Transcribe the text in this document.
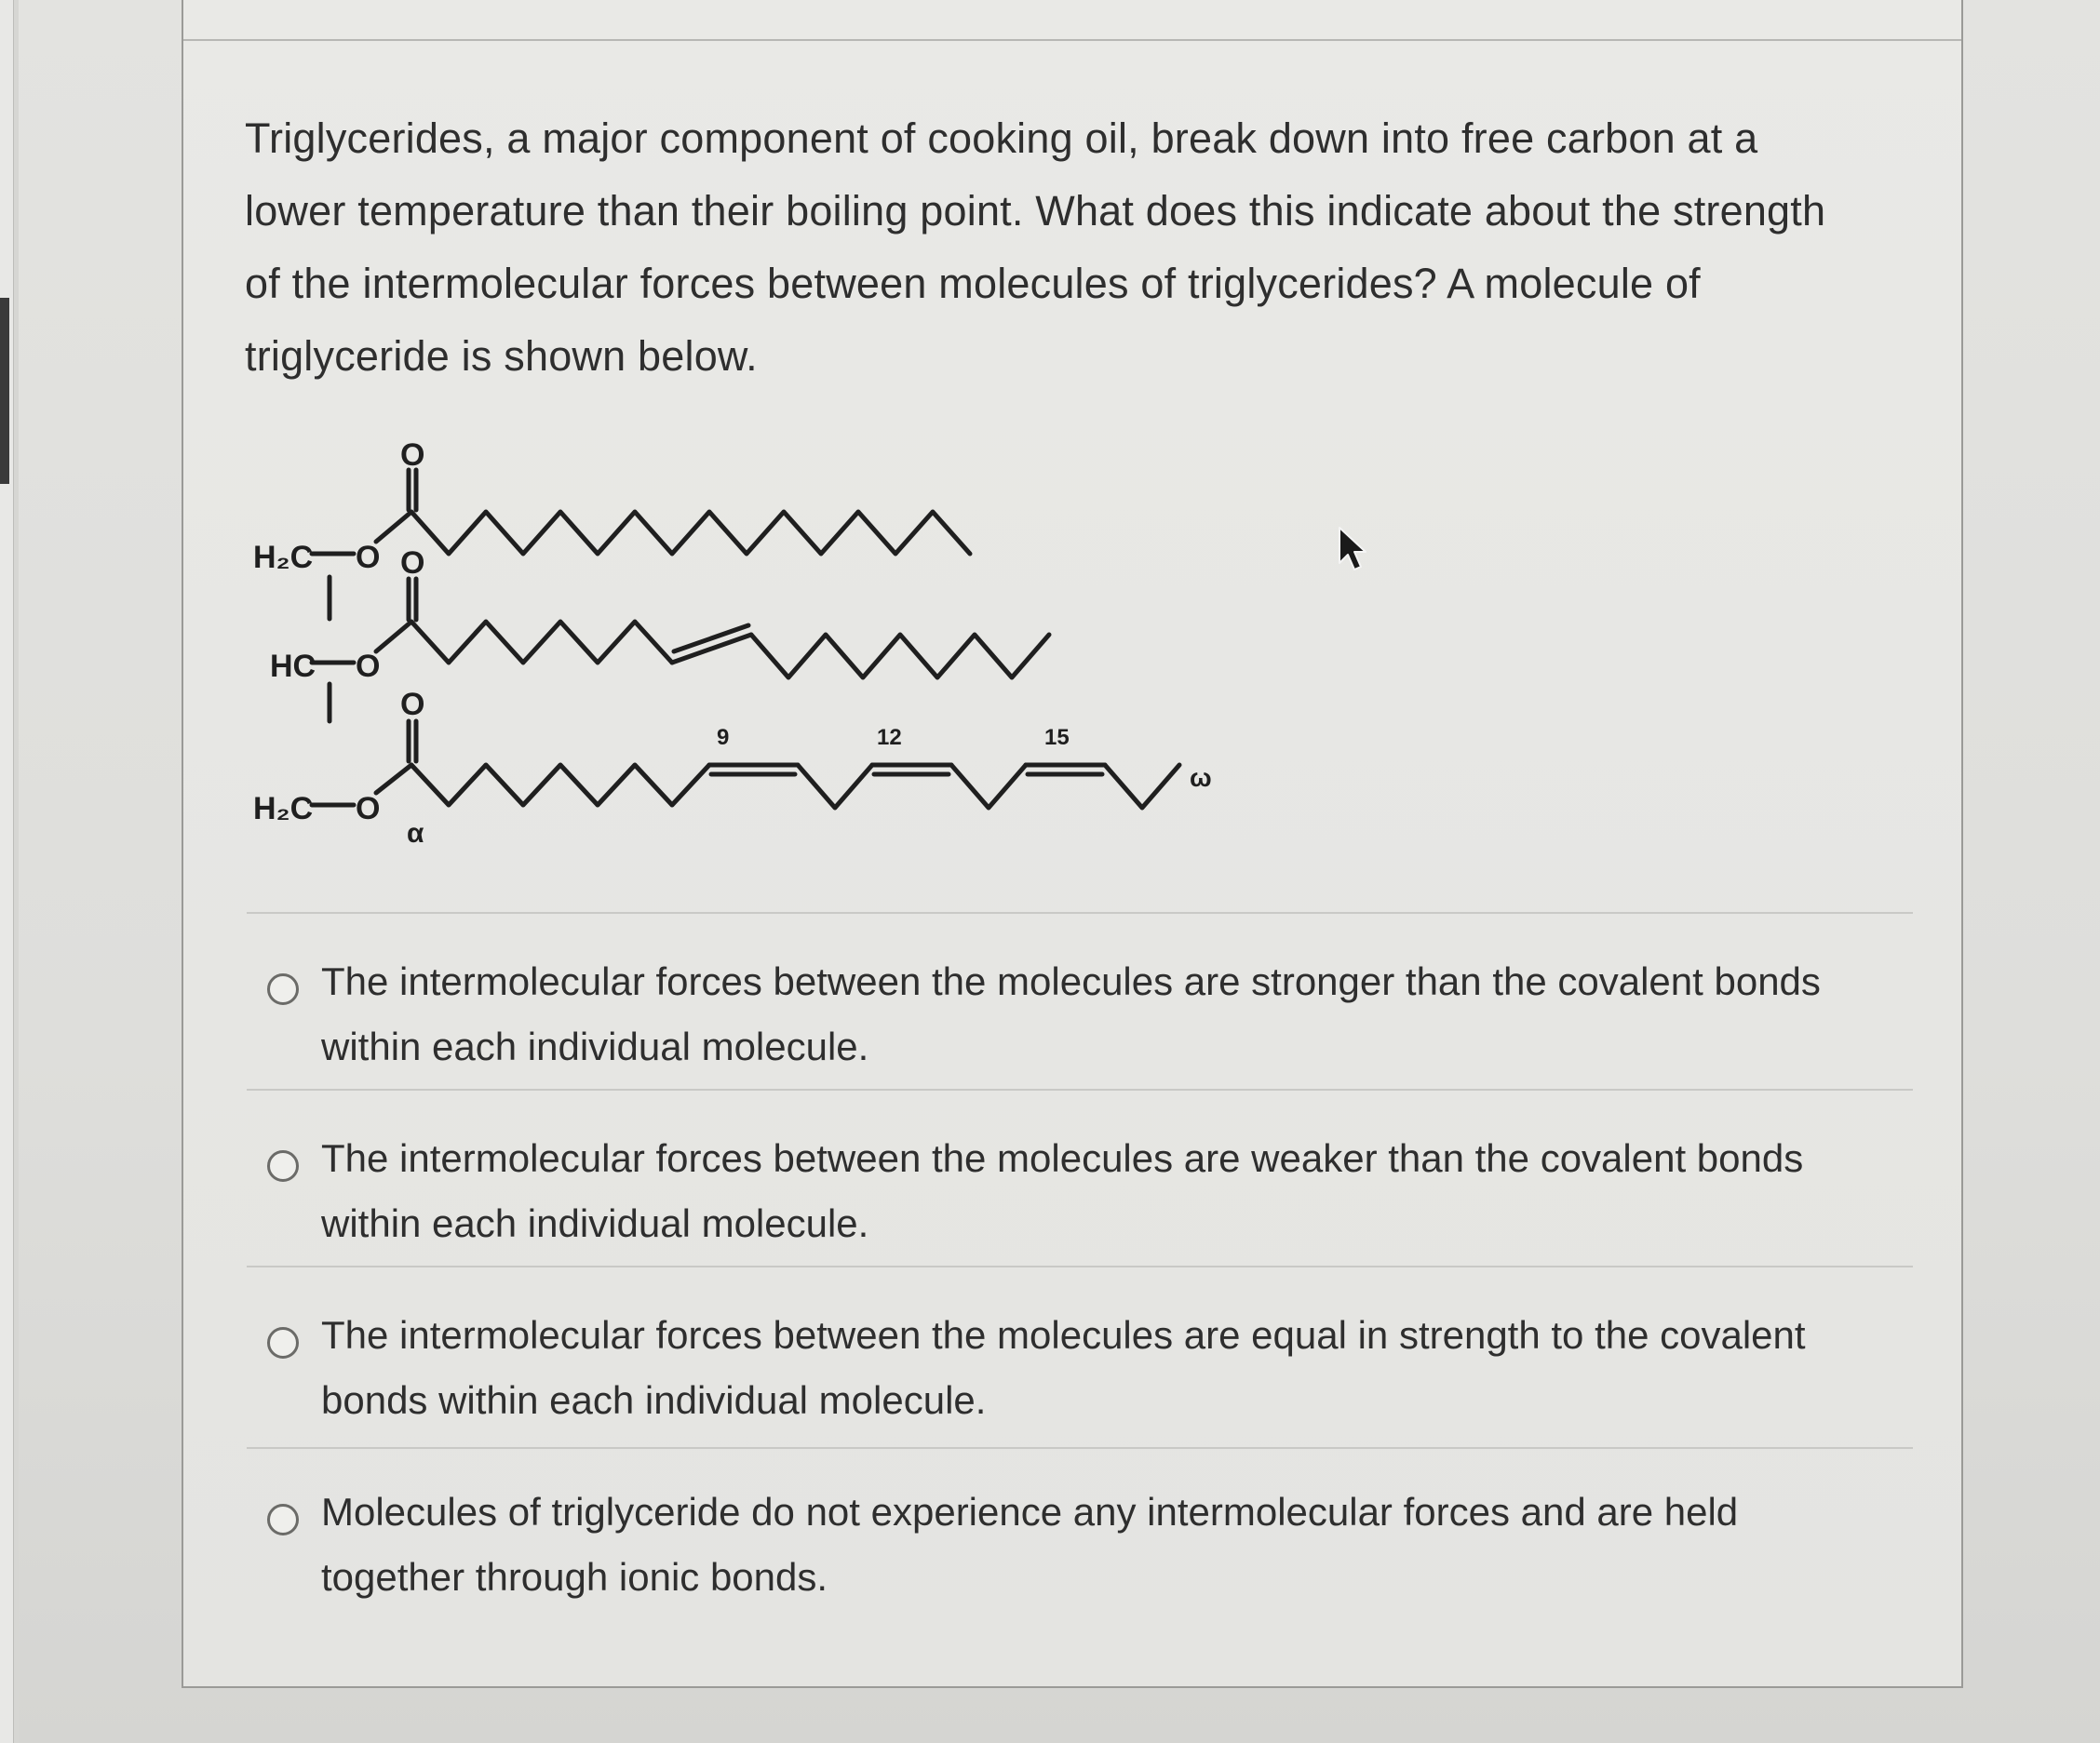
Triglycerides, a major component of cooking oil, break down into free carbon at a lower temperature than their boiling point. What does this indicate about the strength of the intermolecular forces between molecules of triglycerides? A molecule of triglyceride is shown below.
H₂C O
O
HC O
O
H₂C O
O
9	12	15
α
ω
The intermolecular forces between the molecules are stronger than the covalent bonds within each individual molecule.
The intermolecular forces between the molecules are weaker than the covalent bonds within each individual molecule.
The intermolecular forces between the molecules are equal in strength to the covalent bonds within each individual molecule.
Molecules of triglyceride do not experience any intermolecular forces and are held together through ionic bonds.
